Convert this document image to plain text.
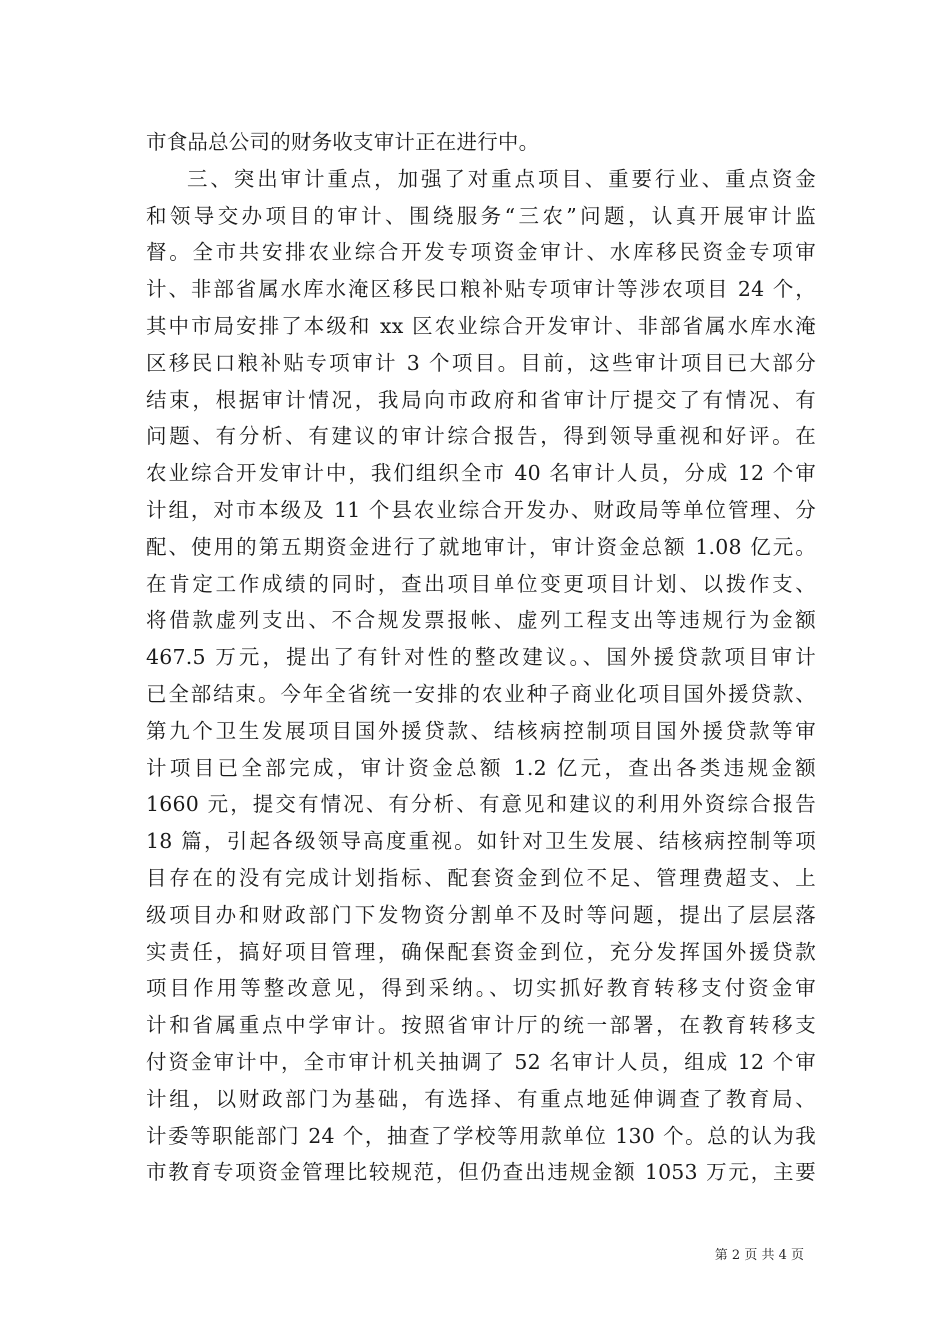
市食品总公司的财务收支审计正在进行中。
三、突出审计重点，加强了对重点项目、重要行业、重点资金
和领导交办项目的审计、围绕服务“三农”问题，认真开展审计监
督。全市共安排农业综合开发专项资金审计、水库移民资金专项审
计、非部省属水库水淹区移民口粮补贴专项审计等涉农项目 24 个，
其中市局安排了本级和 xx 区农业综合开发审计、非部省属水库水淹
区移民口粮补贴专项审计 3 个项目。目前，这些审计项目已大部分
结束，根据审计情况，我局向市政府和省审计厅提交了有情况、有
问题、有分析、有建议的审计综合报告，得到领导重视和好评。在
农业综合开发审计中，我们组织全市 40 名审计人员，分成 12 个审
计组，对市本级及 11 个县农业综合开发办、财政局等单位管理、分
配、使用的第五期资金进行了就地审计，审计资金总额 1.08 亿元。
在肯定工作成绩的同时，查出项目单位变更项目计划、以拨作支、
将借款虚列支出、不合规发票报帐、虚列工程支出等违规行为金额
467.5 万元，提出了有针对性的整改建议。、国外援贷款项目审计
已全部结束。今年全省统一安排的农业种子商业化项目国外援贷款、
第九个卫生发展项目国外援贷款、结核病控制项目国外援贷款等审
计项目已全部完成，审计资金总额 1.2 亿元，查出各类违规金额
1660 元，提交有情况、有分析、有意见和建议的利用外资综合报告
18 篇，引起各级领导高度重视。如针对卫生发展、结核病控制等项
目存在的没有完成计划指标、配套资金到位不足、管理费超支、上
级项目办和财政部门下发物资分割单不及时等问题，提出了层层落
实责任，搞好项目管理，确保配套资金到位，充分发挥国外援贷款
项目作用等整改意见，得到采纳。、切实抓好教育转移支付资金审
计和省属重点中学审计。按照省审计厅的统一部署，在教育转移支
付资金审计中，全市审计机关抽调了 52 名审计人员，组成 12 个审
计组，以财政部门为基础，有选择、有重点地延伸调查了教育局、
计委等职能部门 24 个，抽查了学校等用款单位 130 个。总的认为我
市教育专项资金管理比较规范，但仍查出违规金额 1053 万元，主要
第 2 页 共 4 页
